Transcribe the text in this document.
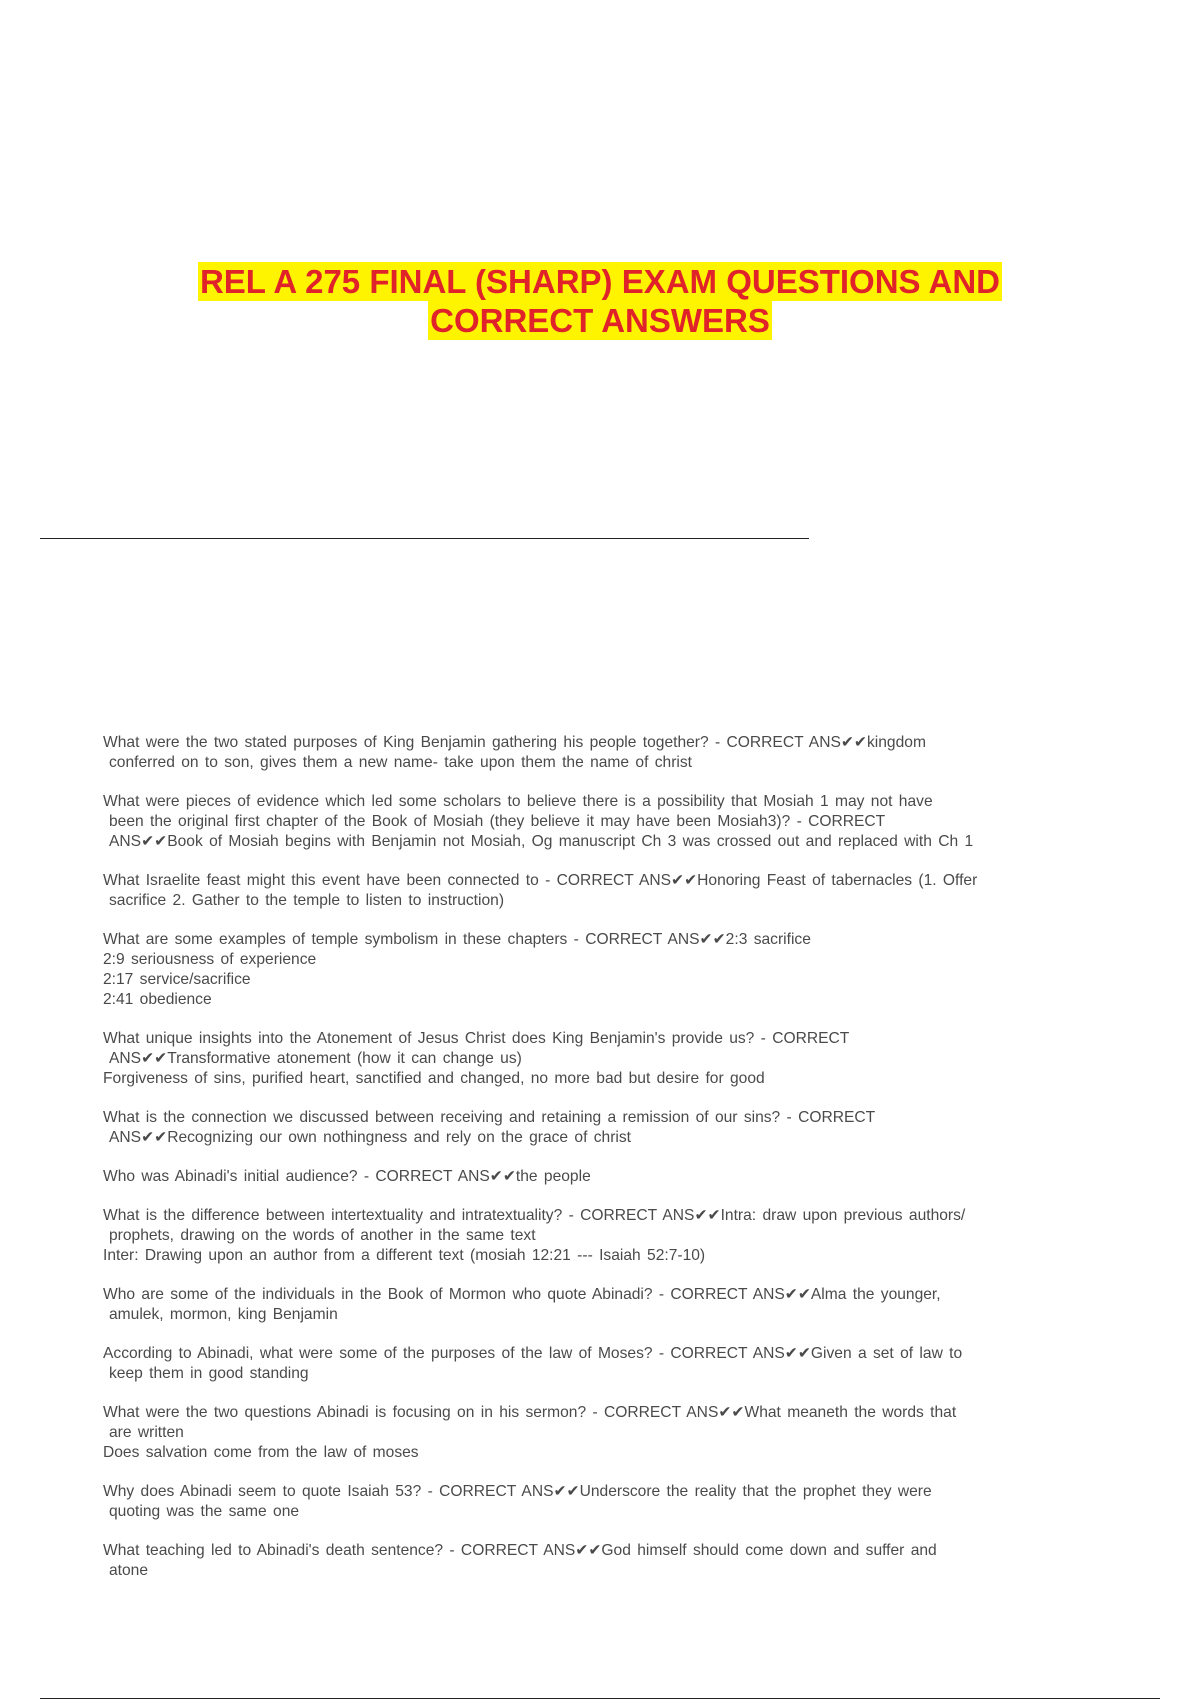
REL A 275 FINAL (SHARP) EXAM QUESTIONS AND
CORRECT ANSWERS
What were the two stated purposes of King Benjamin gathering his people together? - CORRECT ANS✔✔kingdom
conferred on to son, gives them a new name- take upon them the name of christ
What were pieces of evidence which led some scholars to believe there is a possibility that Mosiah 1 may not have
been the original first chapter of the Book of Mosiah (they believe it may have been Mosiah3)? - CORRECT
ANS✔✔Book of Mosiah begins with Benjamin not Mosiah, Og manuscript Ch 3 was crossed out and replaced with Ch 1
What Israelite feast might this event have been connected to - CORRECT ANS✔✔Honoring Feast of tabernacles (1. Offer
sacrifice 2. Gather to the temple to listen to instruction)
What are some examples of temple symbolism in these chapters - CORRECT ANS✔✔2:3 sacrifice
2:9 seriousness of experience
2:17 service/sacrifice
2:41 obedience
What unique insights into the Atonement of Jesus Christ does King Benjamin's provide us? - CORRECT
ANS✔✔Transformative atonement (how it can change us)
Forgiveness of sins, purified heart, sanctified and changed, no more bad but desire for good
What is the connection we discussed between receiving and retaining a remission of our sins? - CORRECT
ANS✔✔Recognizing our own nothingness and rely on the grace of christ
Who was Abinadi's initial audience? - CORRECT ANS✔✔the people
What is the difference between intertextuality and intratextuality? - CORRECT ANS✔✔Intra: draw upon previous authors/
prophets, drawing on the words of another in the same text
Inter: Drawing upon an author from a different text (mosiah 12:21 --- Isaiah 52:7-10)
Who are some of the individuals in the Book of Mormon who quote Abinadi? - CORRECT ANS✔✔Alma the younger,
amulek, mormon, king Benjamin
According to Abinadi, what were some of the purposes of the law of Moses? - CORRECT ANS✔✔Given a set of law to
keep them in good standing
What were the two questions Abinadi is focusing on in his sermon? - CORRECT ANS✔✔What meaneth the words that
are written
Does salvation come from the law of moses
Why does Abinadi seem to quote Isaiah 53? - CORRECT ANS✔✔Underscore the reality that the prophet they were
quoting was the same one
What teaching led to Abinadi's death sentence? - CORRECT ANS✔✔God himself should come down and suffer and
atone
